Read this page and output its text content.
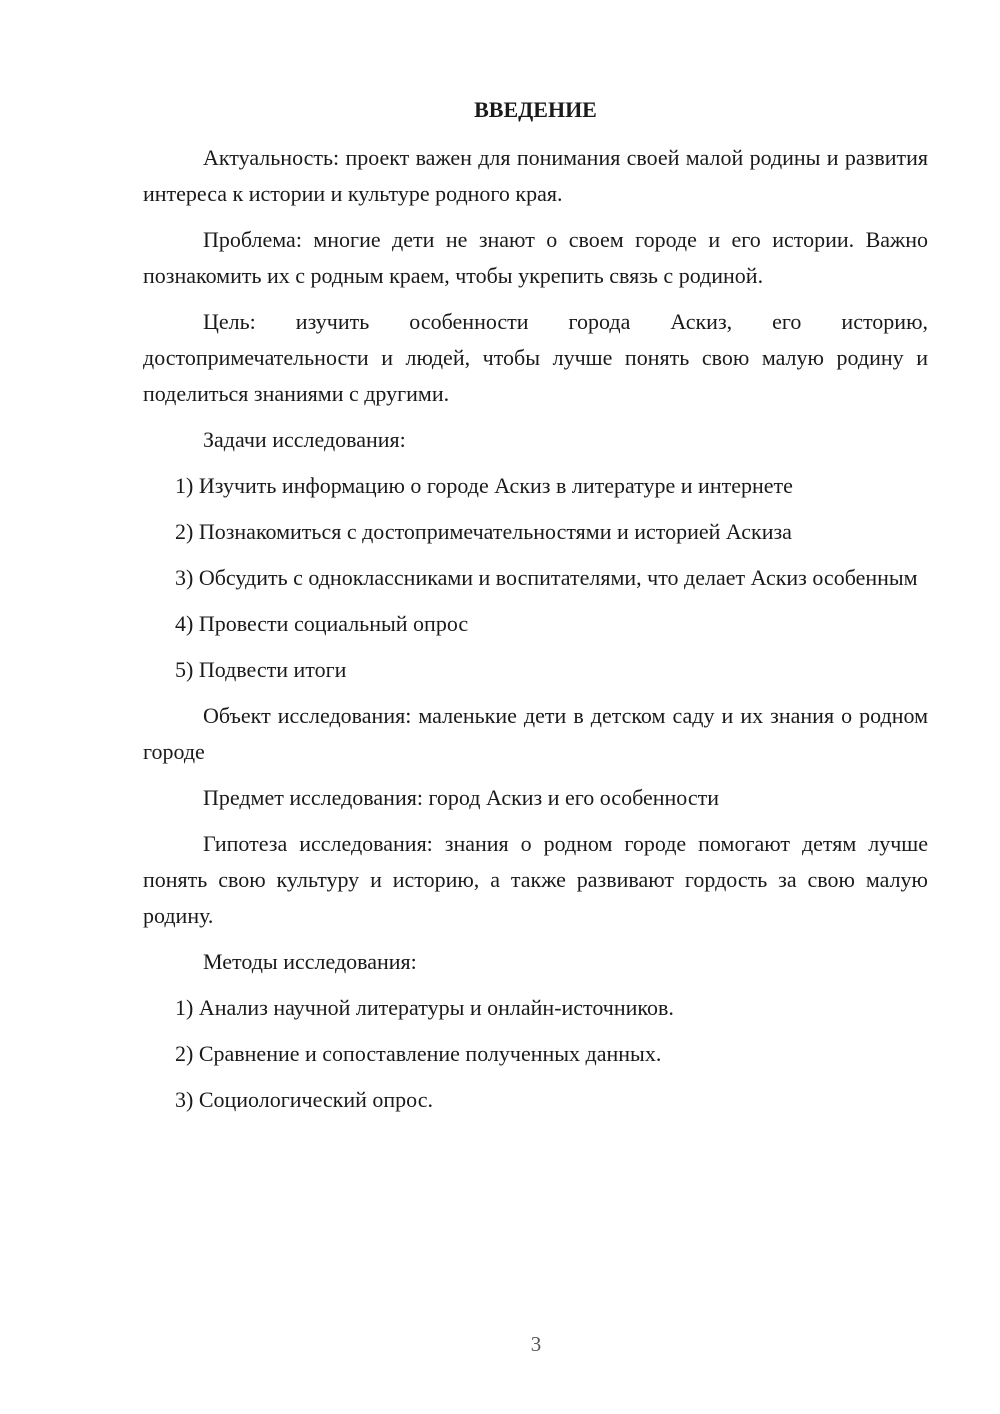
ВВЕДЕНИЕ

Актуальность: проект важен для понимания своей малой родины и развития интереса к истории и культуре родного края.

Проблема: многие дети не знают о своем городе и его истории. Важно познакомить их с родным краем, чтобы укрепить связь с родиной.

Цель: изучить особенности города Аскиз, его историю, достопримечательности и людей, чтобы лучше понять свою малую родину и поделиться знаниями с другими.

Задачи исследования:

1) Изучить информацию о городе Аскиз в литературе и интернете

2) Познакомиться с достопримечательностями и историей Аскиза

3) Обсудить с одноклассниками и воспитателями, что делает Аскиз особенным

4) Провести социальный опрос

5) Подвести итоги

Объект исследования: маленькие дети в детском саду и их знания о родном городе

Предмет исследования: город Аскиз и его особенности

Гипотеза исследования: знания о родном городе помогают детям лучше понять свою культуру и историю, а также развивают гордость за свою малую родину.

Методы исследования:

1) Анализ научной литературы и онлайн-источников.

2) Сравнение и сопоставление полученных данных.

3) Социологический опрос.

3
